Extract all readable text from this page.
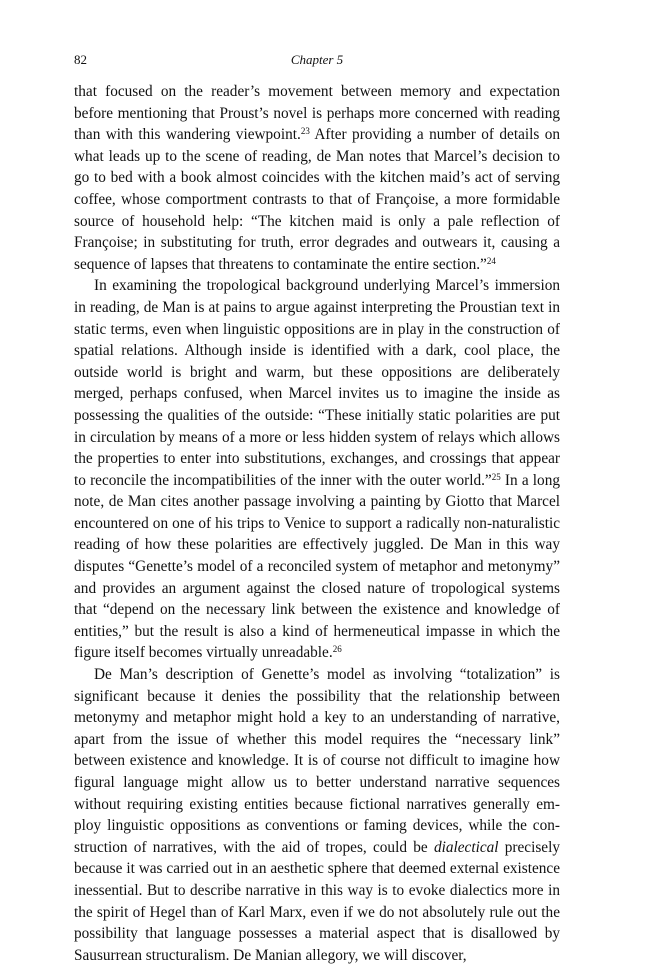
82	Chapter 5

that focused on the reader’s movement between memory and expectation before mentioning that Proust’s novel is perhaps more concerned with reading than with this wandering viewpoint.$^{23}$ After providing a number of details on what leads up to the scene of reading, de Man notes that Marcel’s decision to go to bed with a book almost coincides with the kitchen maid’s act of serving coffee, whose comportment contrasts to that of Françoise, a more formidable source of household help: “The kitchen maid is only a pale reflection of Françoise; in substituting for truth, error degrades and outwears it, causing a sequence of lapses that threatens to contaminate the entire section.”$^{24}$

In examining the tropological background underlying Marcel’s immersion in reading, de Man is at pains to argue against interpreting the Proustian text in static terms, even when linguistic oppositions are in play in the construction of spatial relations. Although inside is identified with a dark, cool place, the outside world is bright and warm, but these oppositions are deliberately merged, perhaps confused, when Marcel invites us to imagine the inside as possessing the qualities of the outside: “These initially static polarities are put in circulation by means of a more or less hidden system of relays which allows the properties to enter into substitutions, exchanges, and crossings that appear to reconcile the incompatibilities of the inner with the outer world.”$^{25}$ In a long note, de Man cites another passage involving a painting by Giotto that Marcel encountered on one of his trips to Venice to support a radically non-naturalistic reading of how these polarities are effectively juggled. De Man in this way disputes “Genette’s model of a reconciled system of metaphor and metonymy” and provides an argument against the closed nature of tropological systems that “depend on the necessary link between the existence and knowledge of entities,” but the result is also a kind of hermeneutical impasse in which the figure itself becomes virtually unreadable.$^{26}$

De Man’s description of Genette’s model as involving “totalization” is significant because it denies the possibility that the relationship between metonymy and metaphor might hold a key to an understanding of narrative, apart from the issue of whether this model requires the “necessary link” between existence and knowledge. It is of course not difficult to imagine how figural language might allow us to better understand narrative sequences without requiring existing entities because fictional narratives generally employ linguistic oppositions as conventions or faming devices, while the construction of narratives, with the aid of tropes, could be dialectical precisely because it was carried out in an aesthetic sphere that deemed external existence inessential. But to describe narrative in this way is to evoke dialectics more in the spirit of Hegel than of Karl Marx, even if we do not absolutely rule out the possibility that language possesses a material aspect that is disallowed by Sausurrean structuralism. De Manian allegory, we will discover,
